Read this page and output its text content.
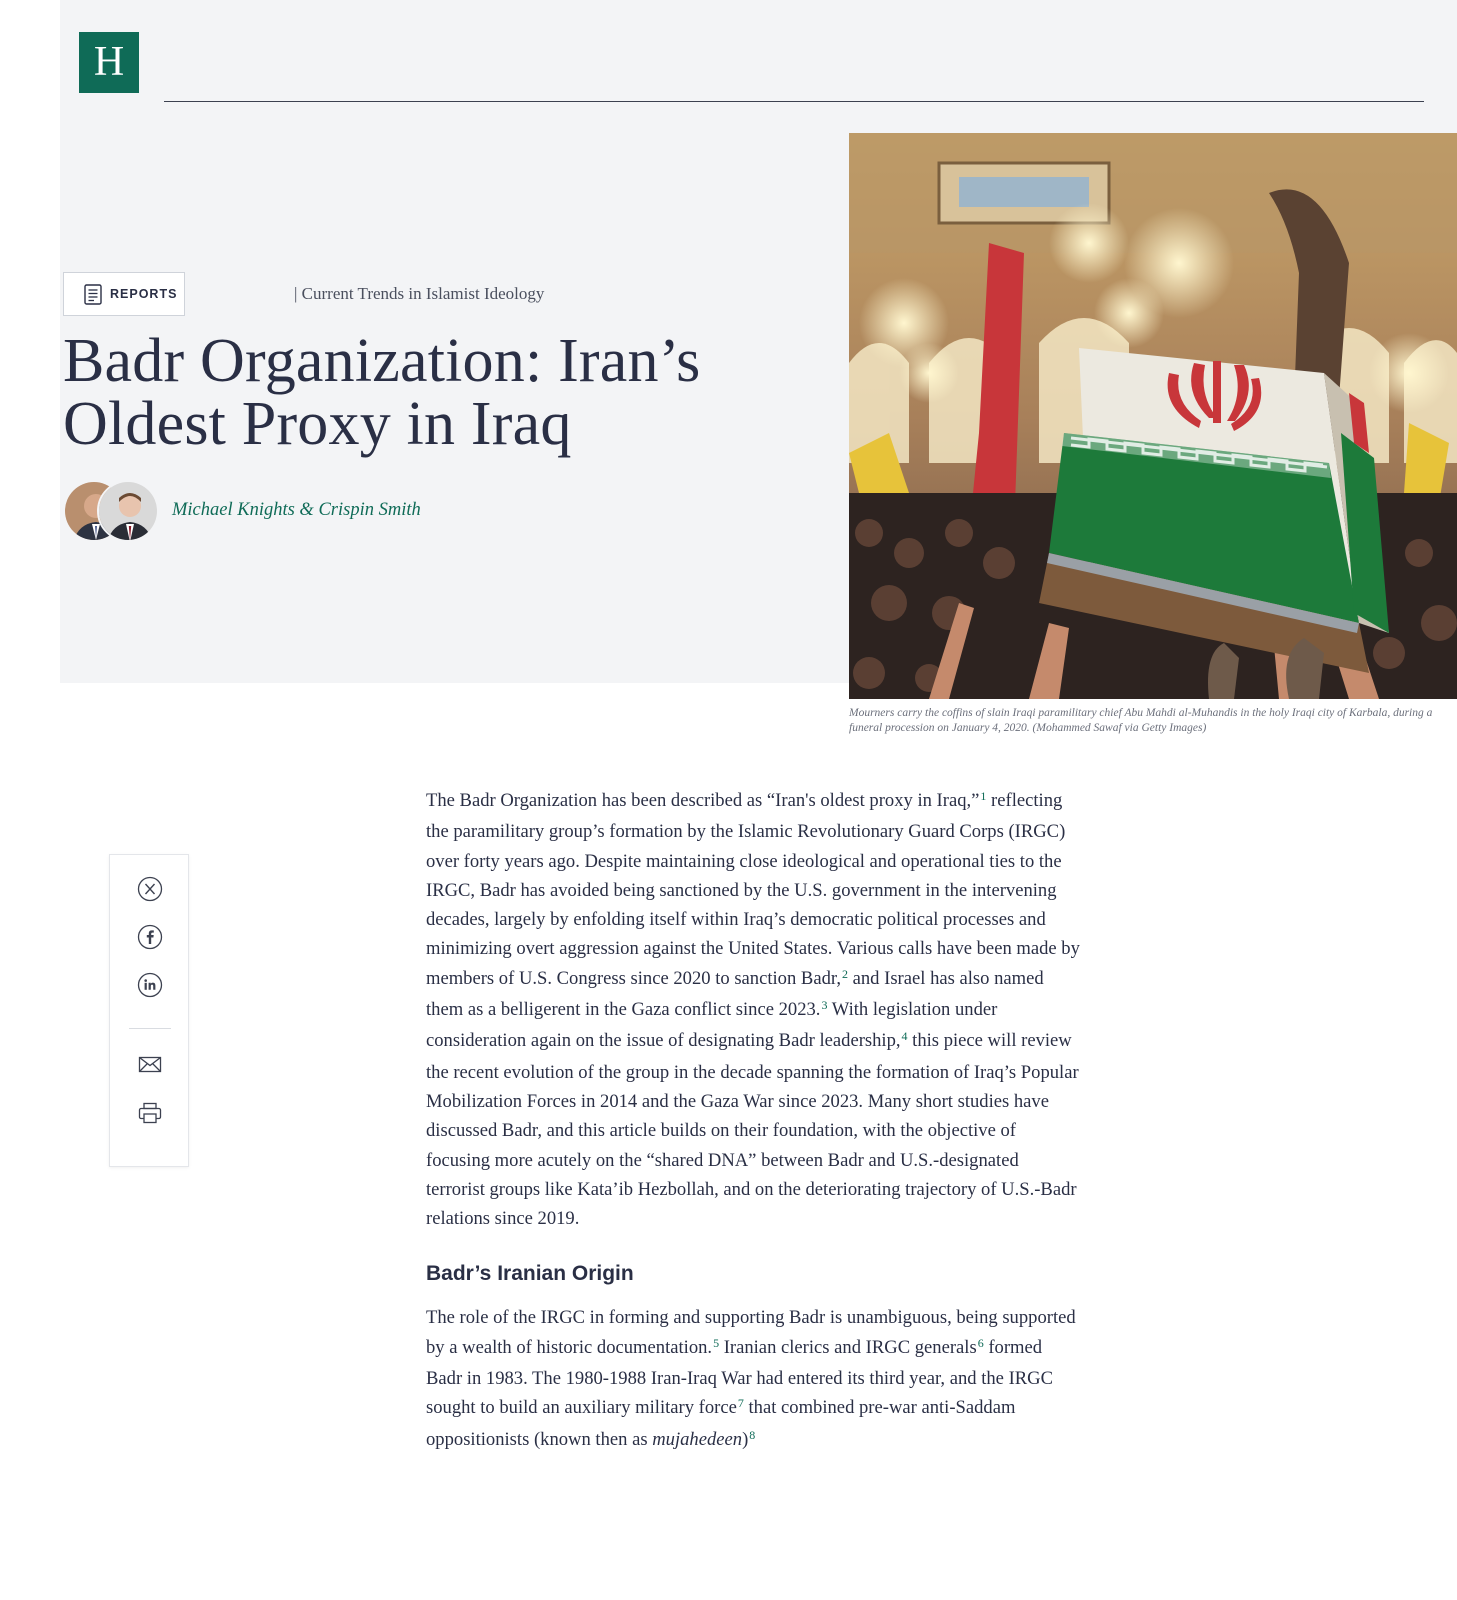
H
REPORTS	| Current Trends in Islamist Ideology
Badr Organization: Iran’s Oldest Proxy in Iraq
Michael Knights & Crispin Smith
Mourners carry the coffins of slain Iraqi paramilitary chief Abu Mahdi al-Muhandis in the holy Iraqi city of Karbala, during a funeral procession on January 4, 2020. (Mohammed Sawaf via Getty Images)

The Badr Organization has been described as “Iran's oldest proxy in Iraq,”$^1$ reflecting the paramilitary group’s formation by the Islamic Revolutionary Guard Corps (IRGC) over forty years ago. Despite maintaining close ideological and operational ties to the IRGC, Badr has avoided being sanctioned by the U.S. government in the intervening decades, largely by enfolding itself within Iraq’s democratic political processes and minimizing overt aggression against the United States. Various calls have been made by members of U.S. Congress since 2020 to sanction Badr,$^2$ and Israel has also named them as a belligerent in the Gaza conflict since 2023.$^3$ With legislation under consideration again on the issue of designating Badr leadership,$^4$ this piece will review the recent evolution of the group in the decade spanning the formation of Iraq’s Popular Mobilization Forces in 2014 and the Gaza War since 2023. Many short studies have discussed Badr, and this article builds on their foundation, with the objective of focusing more acutely on the “shared DNA” between Badr and U.S.-designated terrorist groups like Kata’ib Hezbollah, and on the deteriorating trajectory of U.S.-Badr relations since 2019.

Badr’s Iranian Origin

The role of the IRGC in forming and supporting Badr is unambiguous, being supported by a wealth of historic documentation.$^5$ Iranian clerics and IRGC generals$^6$ formed Badr in 1983. The 1980-1988 Iran-Iraq War had entered its third year, and the IRGC sought to build an auxiliary military force$^7$ that combined pre-war anti-Saddam oppositionists (known then as mujahedeen)$^8$
